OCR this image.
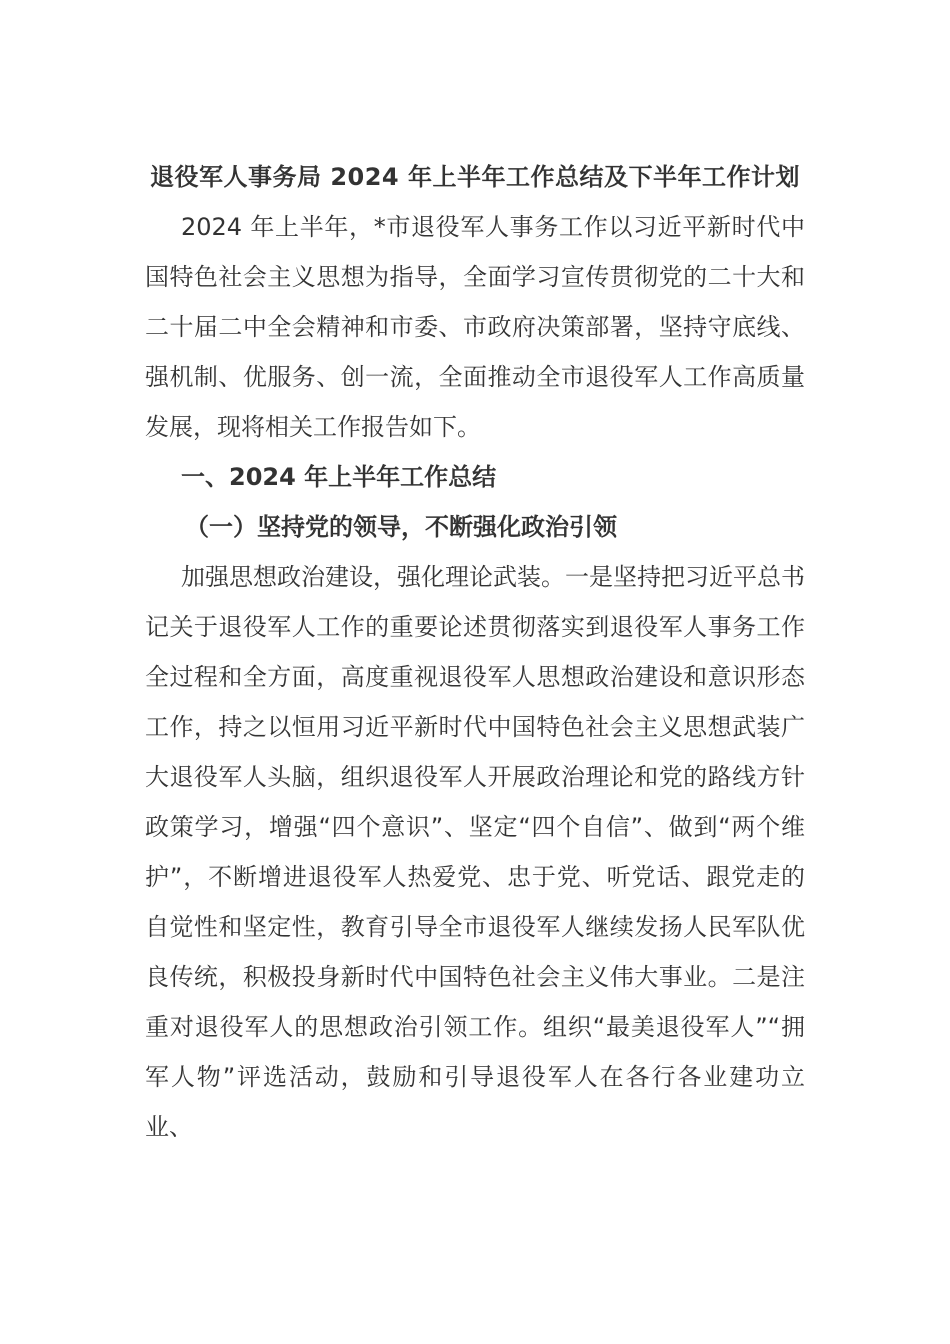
退役军人事务局 2024 年上半年工作总结及下半年工作计划

2024 年上半年，*市退役军人事务工作以习近平新时代中国特色社会主义思想为指导，全面学习宣传贯彻党的二十大和二十届二中全会精神和市委、市政府决策部署，坚持守底线、强机制、优服务、创一流，全面推动全市退役军人工作高质量发展，现将相关工作报告如下。

一、2024 年上半年工作总结

（一）坚持党的领导，不断强化政治引领

加强思想政治建设，强化理论武装。一是坚持把习近平总书记关于退役军人工作的重要论述贯彻落实到退役军人事务工作全过程和全方面，高度重视退役军人思想政治建设和意识形态工作，持之以恒用习近平新时代中国特色社会主义思想武装广大退役军人头脑，组织退役军人开展政治理论和党的路线方针政策学习，增强“四个意识”、坚定“四个自信”、做到“两个维护”，不断增进退役军人热爱党、忠于党、听党话、跟党走的自觉性和坚定性，教育引导全市退役军人继续发扬人民军队优良传统，积极投身新时代中国特色社会主义伟大事业。二是注重对退役军人的思想政治引领工作。组织“最美退役军人”“拥军人物”评选活动，鼓励和引导退役军人在各行各业建功立业、
